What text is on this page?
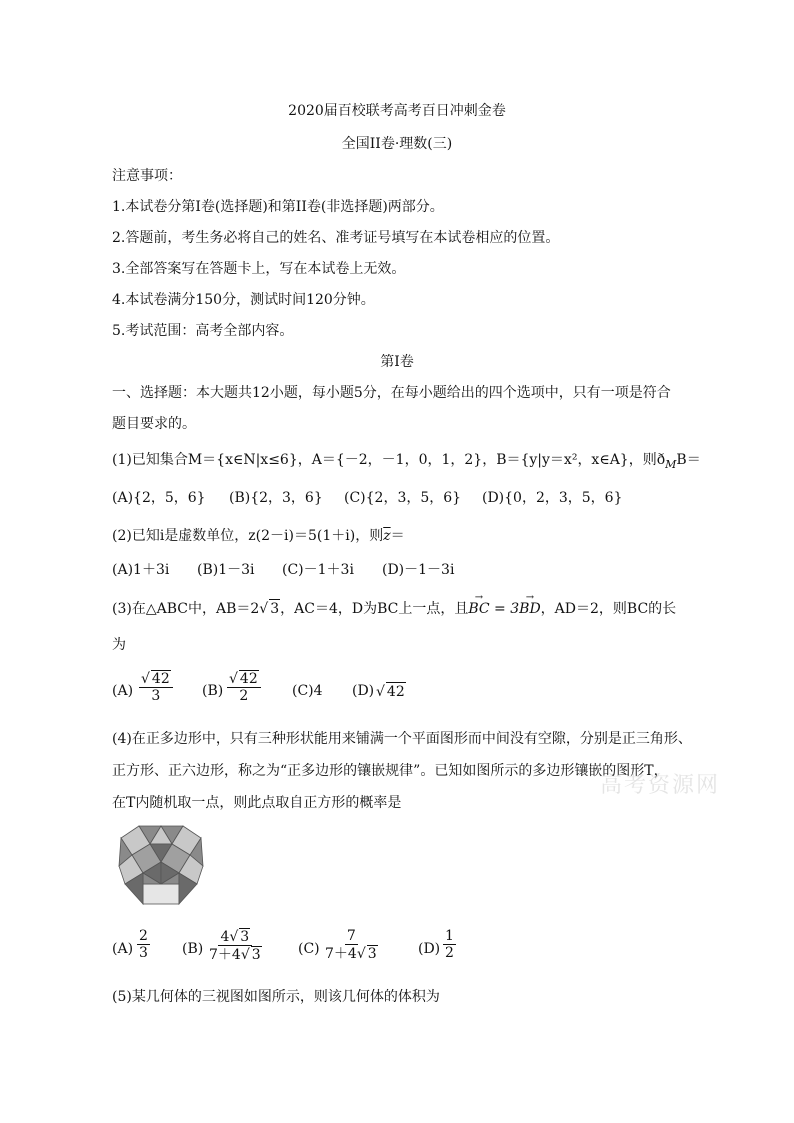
2020届百校联考高考百日冲刺金卷
全国II卷·理数(三)
注意事项：
1.本试卷分第I卷(选择题)和第II卷(非选择题)两部分。
2.答题前，考生务必将自己的姓名、准考证号填写在本试卷相应的位置。
3.全部答案写在答题卡上，写在本试卷上无效。
4.本试卷满分150分，测试时间120分钟。
5.考试范围：高考全部内容。
第I卷
一、选择题：本大题共12小题，每小题5分，在每小题给出的四个选项中，只有一项是符合
题目要求的。
(1)已知集合M＝{x∈N|x≤6}，A＝{－2，－1，0，1，2}，B＝{y|y＝x²，x∈A}，则$ð_MB=$
(A){2，5，6} (B){2，3，6} (C){2，3，5，6} (D){0，2，3，5，6}
(2)已知i是虚数单位，z(2－i)＝5(1＋i)，则$\overline{z}=$
(A)1＋3i (B)1－3i (C)－1＋3i (D)－1－3i
(3)在△ABC中，AB＝2√ 3，AC＝4，D为BC上一点，且→ BC = 3→ BD，AD＝2，则BC的长
为
$(A) \frac{√ 42}{3} (B) \frac{√ 42}{2} (C)4$ (D) √ 42
(4)在正多边形中，只有三种形状能用来铺满一个平面图形而中间没有空隙，分别是正三角形、
正方形、正六边形，称之为“正多边形的镶嵌规律”。已知如图所示的多边形镶嵌的图形T，
在T内随机取一点，则此点取自正方形的概率是
高考资源网
$(A) \frac{2}{3} (B) \frac{4√ 3}{7+4√ 3} (C) \frac{7}{7+4√ 3}$	$(D) \frac{1}{2}$
(5)某几何体的三视图如图所示，则该几何体的体积为
